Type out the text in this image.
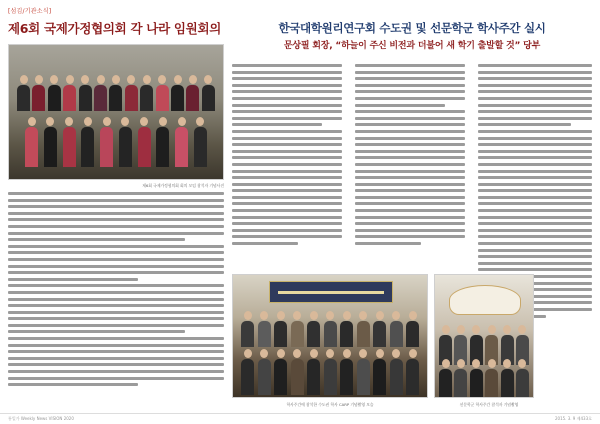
[섬김/기관소식]
제6회 국제가정협의회 각 나라 임원회의
제6회 국제가정협의회 회의 모임 참석자 기념사진
한국대학원리연구회 수도권 및 선문학군 학사주간 실시
문상필 회장, “하늘이 주신 비전과 더불어 새 학기 출발할 것” 당부
학사주간에 참석한 수도권 학사 CARP 기념촬영 모습	선문학군 학사주간 참석자 기념촬영
통일가 Weekly News VISION 2020	2015. 3. 9 제433호
